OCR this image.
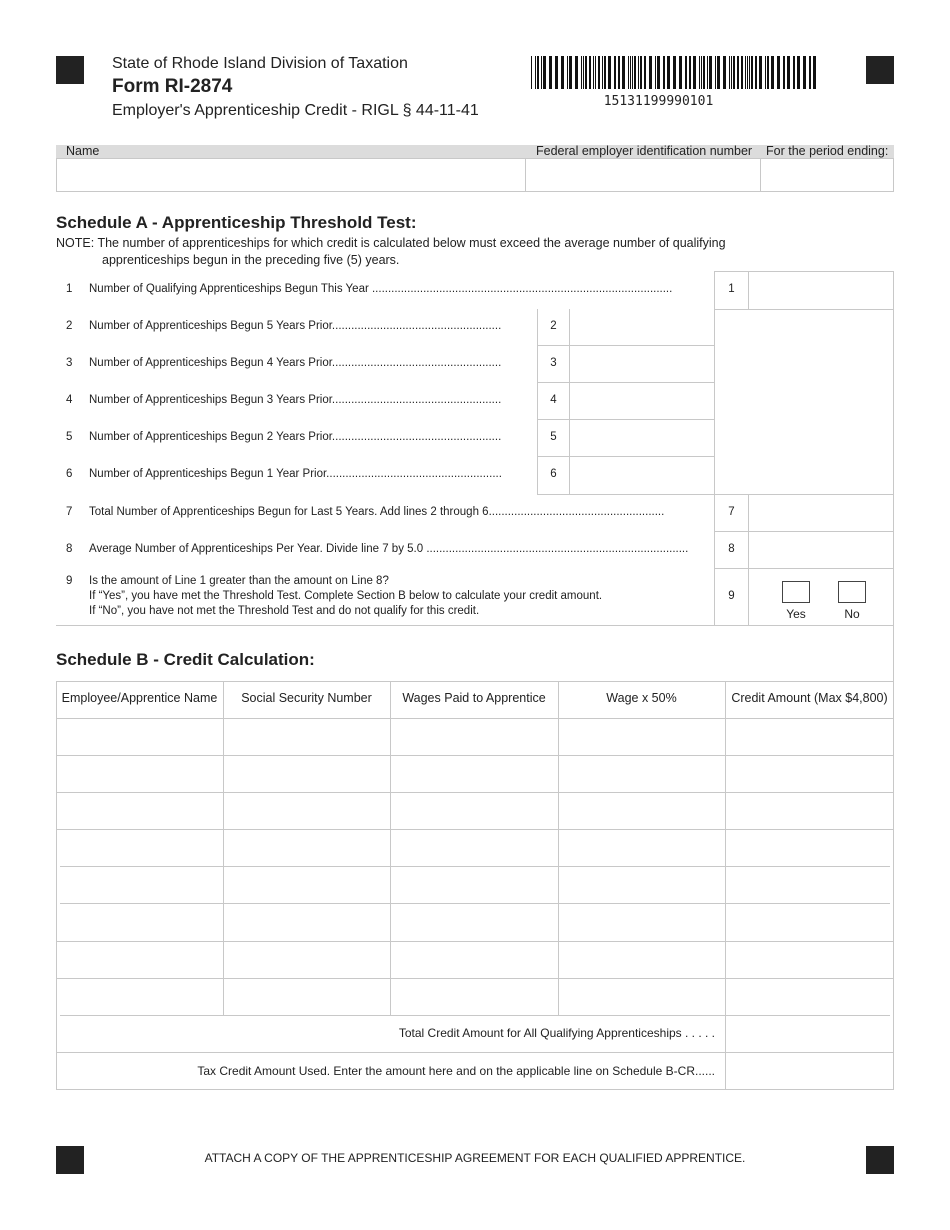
State of Rhode Island Division of Taxation
Form RI-2874
Employer's Apprenticeship Credit - RIGL § 44-11-41
15131199990101
Name	Federal employer identification number For the period ending:
Schedule A - Apprenticeship Threshold Test:
NOTE: The number of apprenticeships for which credit is calculated below must exceed the average number of qualifying
apprenticeships begun in the preceding five (5) years.
1 Number of Qualifying Apprenticeships Begun This Year ..............................................................................................	1
2 Number of Apprenticeships Begun 5 Years Prior.....................................................	2
3 Number of Apprenticeships Begun 4 Years Prior.....................................................	3
4 Number of Apprenticeships Begun 3 Years Prior.....................................................	4
5 Number of Apprenticeships Begun 2 Years Prior.....................................................	5
6 Number of Apprenticeships Begun 1 Year Prior.......................................................	6
7 Total Number of Apprenticeships Begun for Last 5 Years. Add lines 2 through 6.......................................................	7
8 Average Number of Apprenticeships Per Year. Divide line 7 by 5.0 ..................................................................................	8
9 Is the amount of Line 1 greater than the amount on Line 8?
If “Yes”, you have met the Threshold Test. Complete Section B below to calculate your credit amount.
If “No”, you have not met the Threshold Test and do not qualify for this credit.
9
Yes	No
Schedule B - Credit Calculation:
Employee/Apprentice Name	Social Security Number	Wages Paid to Apprentice	Wage x 50%	Credit Amount (Max $4,800)
Total Credit Amount for All Qualifying Apprenticeships . . . . .
Tax Credit Amount Used. Enter the amount here and on the applicable line on Schedule B-CR......
ATTACH A COPY OF THE APPRENTICESHIP AGREEMENT FOR EACH QUALIFIED APPRENTICE.
